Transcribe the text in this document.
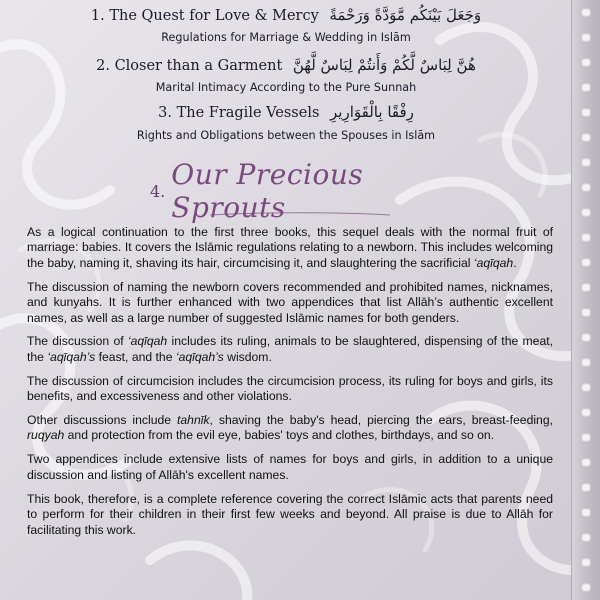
1. The Quest for Love & Mercy وَجَعَلَ بَيْنَكُم مَّوَدَّةً وَرَحْمَةً
Regulations for Marriage & Wedding in Islām
2. Closer than a Garment هُنَّ لِبَاسٌ لَّكُمْ وَأَنتُمْ لِبَاسٌ لَّهُنَّ
Marital Intimacy According to the Pure Sunnah
3. The Fragile Vessels رِفْقًا بِالْقَوَارِيرِ
Rights and Obligations between the Spouses in Islām
4. Our Precious Sprouts

As a logical continuation to the first three books, this sequel deals with the normal fruit of marriage: babies. It covers the Islāmic regulations relating to a newborn. This includes welcoming the baby, naming it, shaving its hair, circumcising it, and slaughtering the sacrificial ‘aqīqah.

The discussion of naming the newborn covers recommended and prohibited names, nicknames, and kunyahs. It is further enhanced with two appendices that list Allāh’s authentic excellent names, as well as a large number of suggested Islāmic names for both genders.

The discussion of ‘aqīqah includes its ruling, animals to be slaughtered, dispensing of the meat, the ‘aqīqah’s feast, and the ‘aqīqah’s wisdom.

The discussion of circumcision includes the circumcision process, its ruling for boys and girls, its benefits, and excessiveness and other violations.

Other discussions include tahnīk, shaving the baby's head, piercing the ears, breast-feeding, ruqyah and protection from the evil eye, babies' toys and clothes, birthdays, and so on.

Two appendices include extensive lists of names for boys and girls, in addition to a unique discussion and listing of Allāh's excellent names.

This book, therefore, is a complete reference covering the correct Islāmic acts that parents need to perform for their children in their first few weeks and beyond. All praise is due to Allāh for facilitating this work.
